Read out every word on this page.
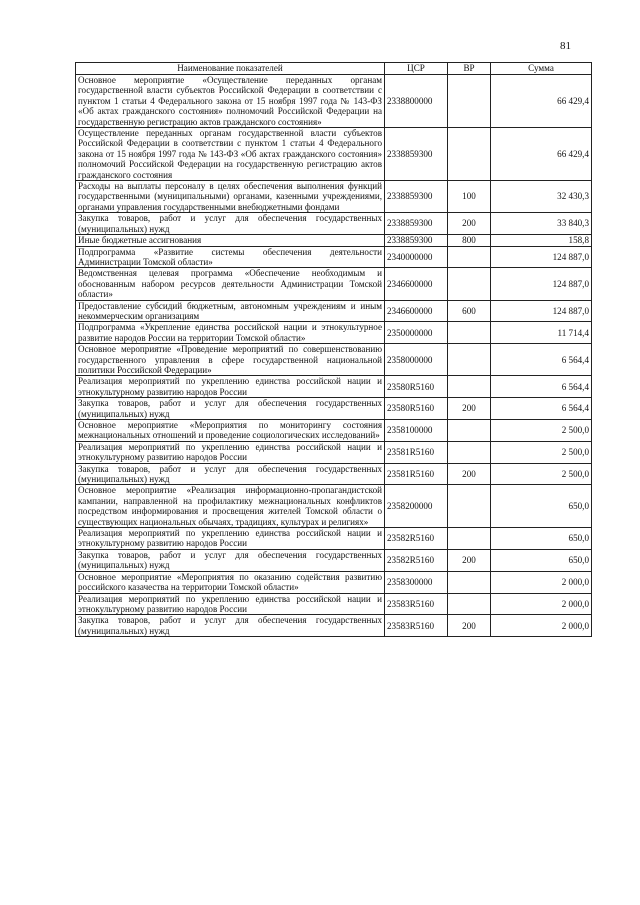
81
Наименование показателей	ЦСР	ВР	Сумма
Основное мероприятие «Осуществление переданных органам государственной власти субъектов Российской Федерации в соответствии с пунктом 1 статьи 4 Федерального закона от 15 ноября 1997 года № 143-ФЗ «Об актах гражданского состояния» полномочий Российской Федерации на государственную регистрацию актов гражданского состояния»	2338800000		66 429,4
Осуществление переданных органам государственной власти субъектов Российской Федерации в соответствии с пунктом 1 статьи 4 Федерального закона от 15 ноября 1997 года № 143-ФЗ «Об актах гражданского состояния» полномочий Российской Федерации на государственную регистрацию актов гражданского состояния	2338859300		66 429,4
Расходы на выплаты персоналу в целях обеспечения выполнения функций государственными (муниципальными) органами, казенными учреждениями, органами управления государственными внебюджетными фондами	2338859300	100	32 430,3
Закупка товаров, работ и услуг для обеспечения государственных (муниципальных) нужд	2338859300	200	33 840,3
Иные бюджетные ассигнования	2338859300	800	158,8
Подпрограмма «Развитие системы обеспечения деятельности Администрации Томской области»	2340000000		124 887,0
Ведомственная целевая программа «Обеспечение необходимым и обоснованным набором ресурсов деятельности Администрации Томской области»	2346600000		124 887,0
Предоставление субсидий бюджетным, автономным учреждениям и иным некоммерческим организациям	2346600000	600	124 887,0
Подпрограмма «Укрепление единства российской нации и этнокультурное развитие народов России на территории Томской области»	2350000000		11 714,4
Основное мероприятие «Проведение мероприятий по совершенствованию государственного управления в сфере государственной национальной политики Российской Федерации»	2358000000		6 564,4
Реализация мероприятий по укреплению единства российской нации и этнокультурному развитию народов России	23580R5160		6 564,4
Закупка товаров, работ и услуг для обеспечения государственных (муниципальных) нужд	23580R5160	200	6 564,4
Основное мероприятие «Мероприятия по мониторингу состояния межнациональных отношений и проведение социологических исследований»	2358100000		2 500,0
Реализация мероприятий по укреплению единства российской нации и этнокультурному развитию народов России	23581R5160		2 500,0
Закупка товаров, работ и услуг для обеспечения государственных (муниципальных) нужд	23581R5160	200	2 500,0
Основное мероприятие «Реализация информационно-пропагандистской кампании, направленной на профилактику межнациональных конфликтов посредством информирования и просвещения жителей Томской области о существующих национальных обычаях, традициях, культурах и религиях»	2358200000		650,0
Реализация мероприятий по укреплению единства российской нации и этнокультурному развитию народов России	23582R5160		650,0
Закупка товаров, работ и услуг для обеспечения государственных (муниципальных) нужд	23582R5160	200	650,0
Основное мероприятие «Мероприятия по оказанию содействия развитию российского казачества на территории Томской области»	2358300000		2 000,0
Реализация мероприятий по укреплению единства российской нации и этнокультурному развитию народов России	23583R5160		2 000,0
Закупка товаров, работ и услуг для обеспечения государственных (муниципальных) нужд	23583R5160	200	2 000,0
